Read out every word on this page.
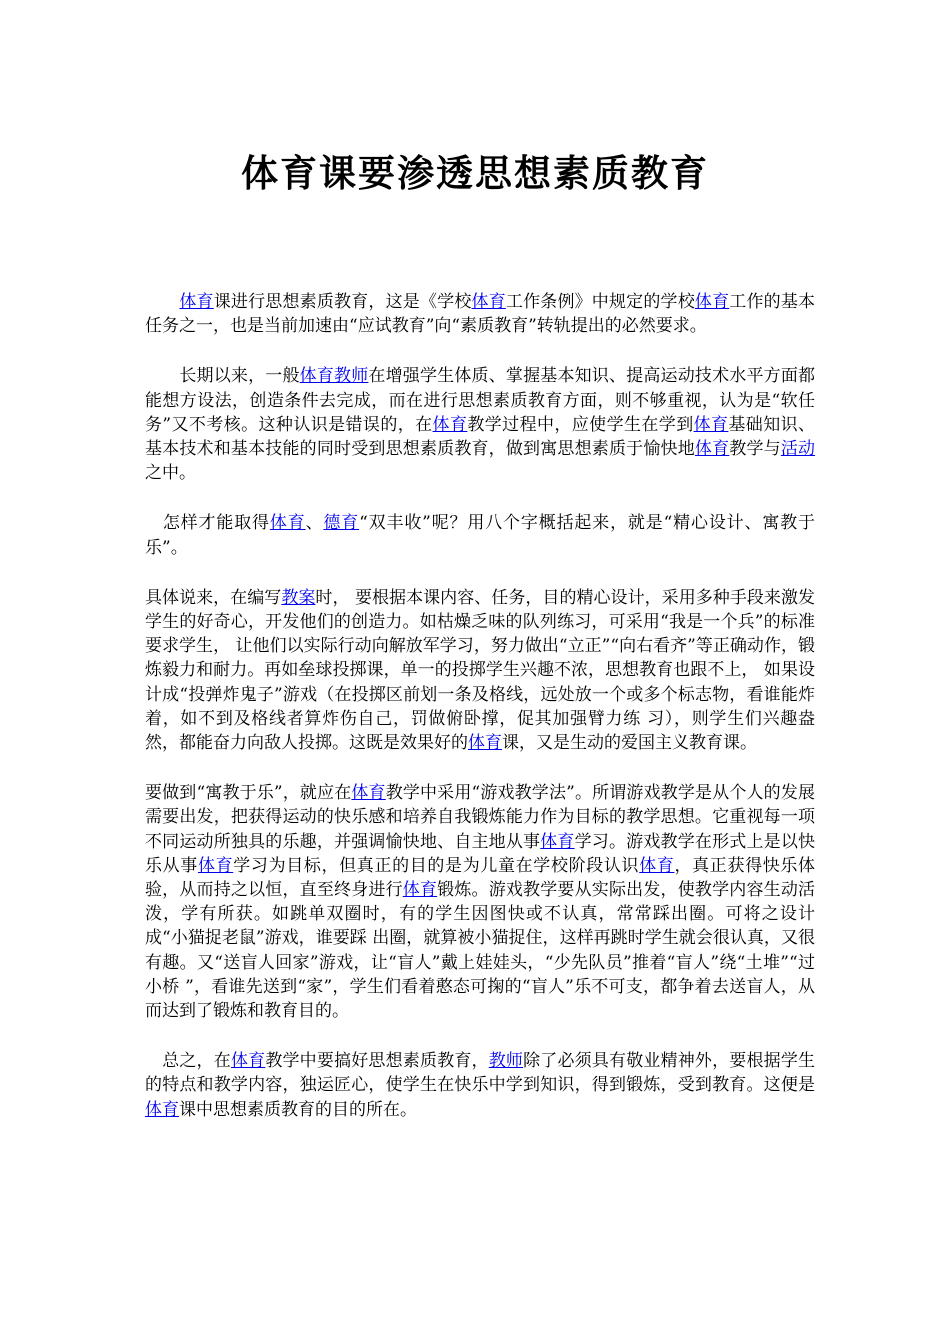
体育课要渗透思想素质教育

　　体育课进行思想素质教育，这是《学校体育工作条例》中规定的学校体育工作的基本任务之一，也是当前加速由“应试教育”向“素质教育”转轨提出的必然要求。

　　长期以来，一般体育教师在增强学生体质、掌握基本知识、提高运动技术水平方面都能想方设法，创造条件去完成，而在进行思想素质教育方面，则不够重视，认为是“软任务”又不考核。这种认识是错误的，在体育教学过程中，应使学生在学到体育基础知识、基本技术和基本技能的同时受到思想素质教育，做到寓思想素质于愉快地体育教学与活动之中。

　怎样才能取得体育、德育“双丰收”呢？用八个字概括起来，就是“精心设计、寓教于乐”。

具体说来，在编写教案时， 要根据本课内容、任务，目的精心设计，采用多种手段来激发学生的好奇心，开发他们的创造力。如枯燥乏味的队列练习，可采用“我是一个兵”的标准要求学生， 让他们以实际行动向解放军学习，努力做出“立正”“向右看齐”等正确动作，锻炼毅力和耐力。再如垒球投掷课，单一的投掷学生兴趣不浓，思想教育也跟不上， 如果设计成“投弹炸鬼子”游戏（在投掷区前划一条及格线，远处放一个或多个标志物，看谁能炸着，如不到及格线者算炸伤自己，罚做俯卧撑，促其加强臂力练 习），则学生们兴趣盎然，都能奋力向敌人投掷。这既是效果好的体育课，又是生动的爱国主义教育课。

要做到“寓教于乐”，就应在体育教学中采用“游戏教学法”。所谓游戏教学是从个人的发展需要出发，把获得运动的快乐感和培养自我锻炼能力作为目标的教学思想。它重视每一项不同运动所独具的乐趣，并强调愉快地、自主地从事体育学习。游戏教学在形式上是以快乐从事体育学习为目标，但真正的目的是为儿童在学校阶段认识体育，真正获得快乐体验，从而持之以恒，直至终身进行体育锻炼。游戏教学要从实际出发，使教学内容生动活泼，学有所获。如跳单双圈时，有的学生因图快或不认真，常常踩出圈。可将之设计成“小猫捉老鼠”游戏，谁要踩 出圈，就算被小猫捉住，这样再跳时学生就会很认真，又很有趣。又“送盲人回家”游戏，让“盲人”戴上娃娃头，“少先队员”推着“盲人”绕“土堆”“过小桥 ”，看谁先送到“家”，学生们看着憨态可掬的“盲人”乐不可支，都争着去送盲人，从而达到了锻炼和教育目的。

　总之，在体育教学中要搞好思想素质教育，教师除了必须具有敬业精神外，要根据学生的特点和教学内容，独运匠心，使学生在快乐中学到知识，得到锻炼，受到教育。这便是体育课中思想素质教育的目的所在。
